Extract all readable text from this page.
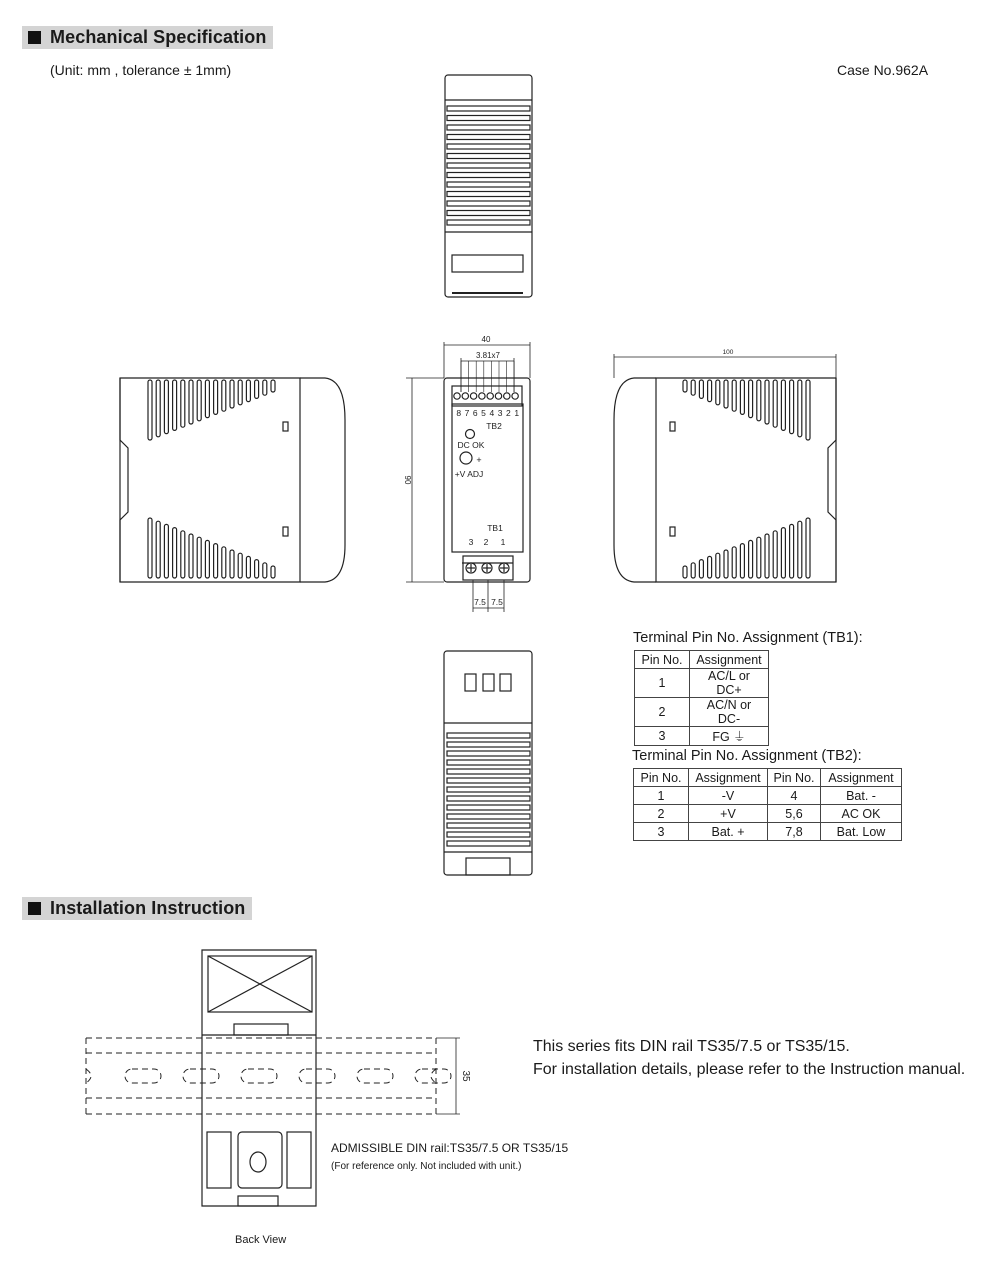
Mechanical Specification
(Unit: mm , tolerance ± 1mm)	Case No.962A
40
3.81x7
90
8 7 6 5 4 3 2 1
TB2
DC OK
+
+V ADJ
TB1
3 2 1
7.5 7.5
100
35
Terminal Pin No. Assignment (TB1):
Pin No.	Assignment
1	AC/L or DC+
2	AC/N or DC-
3	FG ⏚
Terminal Pin No. Assignment (TB2):
Pin No.	Assignment	Pin No.	Assignment
1	-V	4	Bat. -
2	+V	5,6	AC OK
3	Bat. +	7,8	Bat. Low
Installation Instruction
This series fits DIN rail TS35/7.5 or TS35/15.
For installation details, please refer to the Instruction manual.
ADMISSIBLE DIN rail:TS35/7.5 OR TS35/15
(For reference only. Not included with unit.)
Back View
